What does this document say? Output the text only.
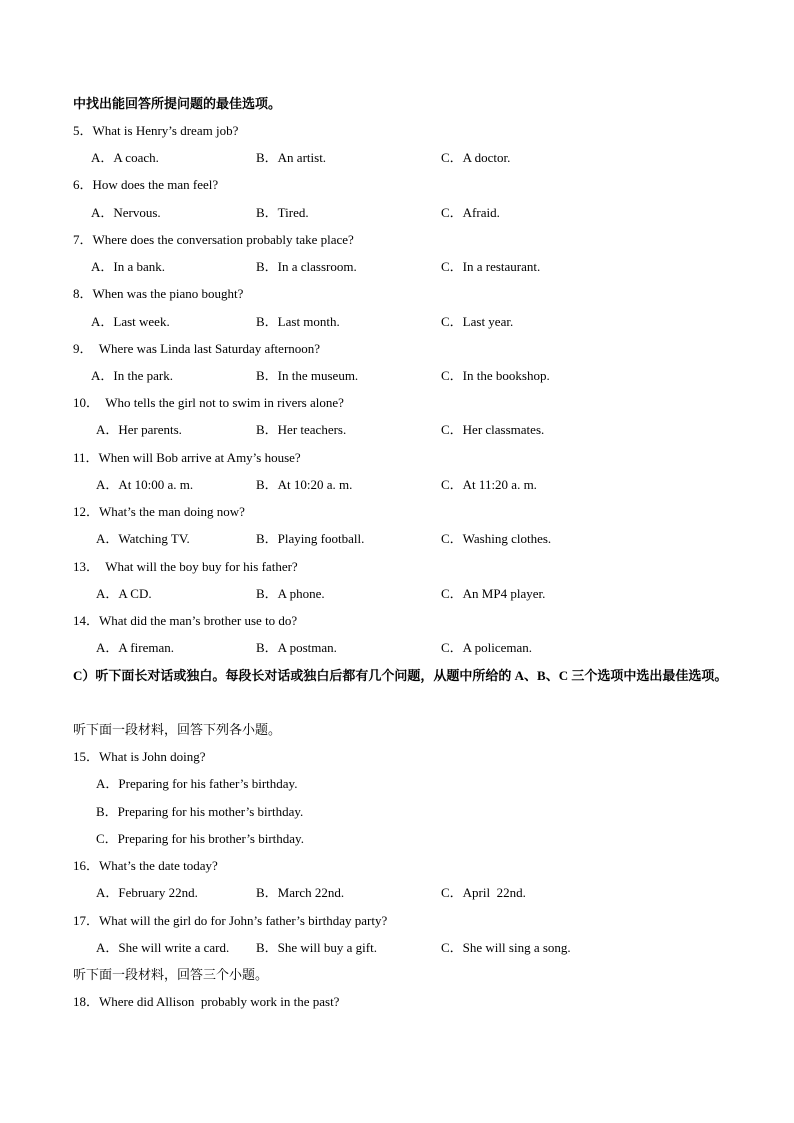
中找出能回答所提问题的最佳选项。
5．What is Henry’s dream job?
A．A coach.	B．An artist.	C．A doctor.
6．How does the man feel?
A．Nervous.	B．Tired.	C．Afraid.
7．Where does the conversation probably take place?
A．In a bank.	B．In a classroom.	C．In a restaurant.
8．When was the piano bought?
A．Last week.	B．Last month.	C．Last year.
9．  Where was Linda last Saturday afternoon?
A．In the park.	B．In the museum.	C．In the bookshop.
10．  Who tells the girl not to swim in rivers alone?
A．Her parents.	B．Her teachers.	C．Her classmates.
11．When will Bob arrive at Amy’s house?
A．At 10:00 a. m.	B．At 10:20 a. m.	C．At 11:20 a. m.
12．What’s the man doing now?
A．Watching TV.	B．Playing football.	C．Washing clothes.
13．  What will the boy buy for his father?
A．A CD.	B．A phone.	C．An MP4 player.
14．What did the man’s brother use to do?
A．A fireman.	B．A postman.	C．A policeman.
C）听下面长对话或独白。每段长对话或独白后都有几个问题，从题中所给的 A、B、C 三个选项中选出最佳选项。
听下面一段材料，回答下列各小题。
15．What is John doing?
A．Preparing for his father’s birthday.
B．Preparing for his mother’s birthday.
C．Preparing for his brother’s birthday.
16．What’s the date today?
A．February 22nd.	B．March 22nd.	C．April  22nd.
17．What will the girl do for John’s father’s birthday party?
A．She will write a card. B．She will buy a gift.	C．She will sing a song.
听下面一段材料，回答三个小题。
18．Where did Allison  probably work in the past?
